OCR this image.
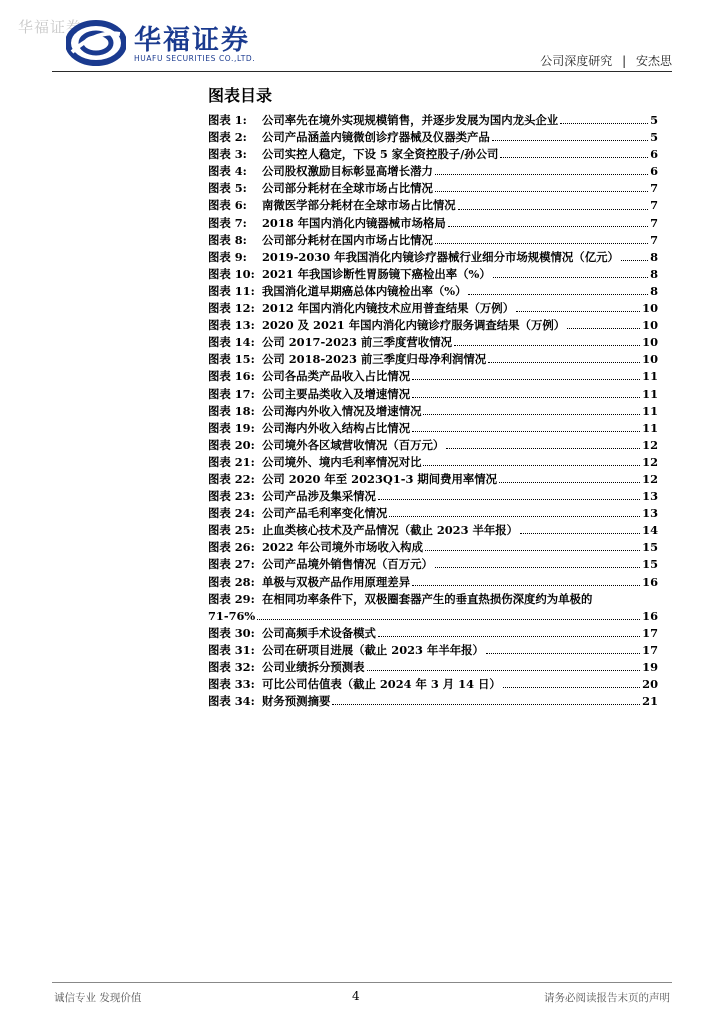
华福证券 华福证券
HUAFU SECURITIES CO.,LTD.	公司深度研究 | 安杰思
图表目录
图表 1:	公司率先在境外实现规模销售，并逐步发展为国内龙头企业	5
图表 2:	公司产品涵盖内镜微创诊疗器械及仪器类产品	5
图表 3:	公司实控人稳定，下设 5 家全资控股子/孙公司	6
图表 4:	公司股权激励目标彰显高增长潜力	6
图表 5:	公司部分耗材在全球市场占比情况	7
图表 6:	南微医学部分耗材在全球市场占比情况	7
图表 7:	2018 年国内消化内镜器械市场格局	7
图表 8:	公司部分耗材在国内市场占比情况	7
图表 9:	2019-2030 年我国消化内镜诊疗器械行业细分市场规模情况（亿元）	8
图表 10: 2021 年我国诊断性胃肠镜下癌检出率（%）	8
图表 11: 我国消化道早期癌总体内镜检出率（%）	8
图表 12: 2012 年国内消化内镜技术应用普查结果（万例）	10
图表 13: 2020 及 2021 年国内消化内镜诊疗服务调查结果（万例）	10
图表 14: 公司 2017-2023 前三季度营收情况	10
图表 15: 公司 2018-2023 前三季度归母净利润情况	10
图表 16: 公司各品类产品收入占比情况	11
图表 17: 公司主要品类收入及增速情况	11
图表 18: 公司海内外收入情况及增速情况	11
图表 19: 公司海内外收入结构占比情况	11
图表 20: 公司境外各区域营收情况（百万元）	12
图表 21: 公司境外、境内毛利率情况对比	12
图表 22: 公司 2020 年至 2023Q1-3 期间费用率情况	12
图表 23: 公司产品涉及集采情况	13
图表 24: 公司产品毛利率变化情况	13
图表 25: 止血类核心技术及产品情况（截止 2023 半年报）	14
图表 26: 2022 年公司境外市场收入构成	15
图表 27: 公司产品境外销售情况（百万元）	15
图表 28: 单极与双极产品作用原理差异	16
图表 29: 在相同功率条件下，双极圈套器产生的垂直热损伤深度约为单极的
71-76%	16
图表 30: 公司高频手术设备模式	17
图表 31: 公司在研项目进展（截止 2023 年半年报）	17
图表 32: 公司业绩拆分预测表	19
图表 33: 可比公司估值表（截止 2024 年 3 月 14 日）	20
图表 34: 财务预测摘要	21
诚信专业 发现价值	4	请务必阅读报告末页的声明
